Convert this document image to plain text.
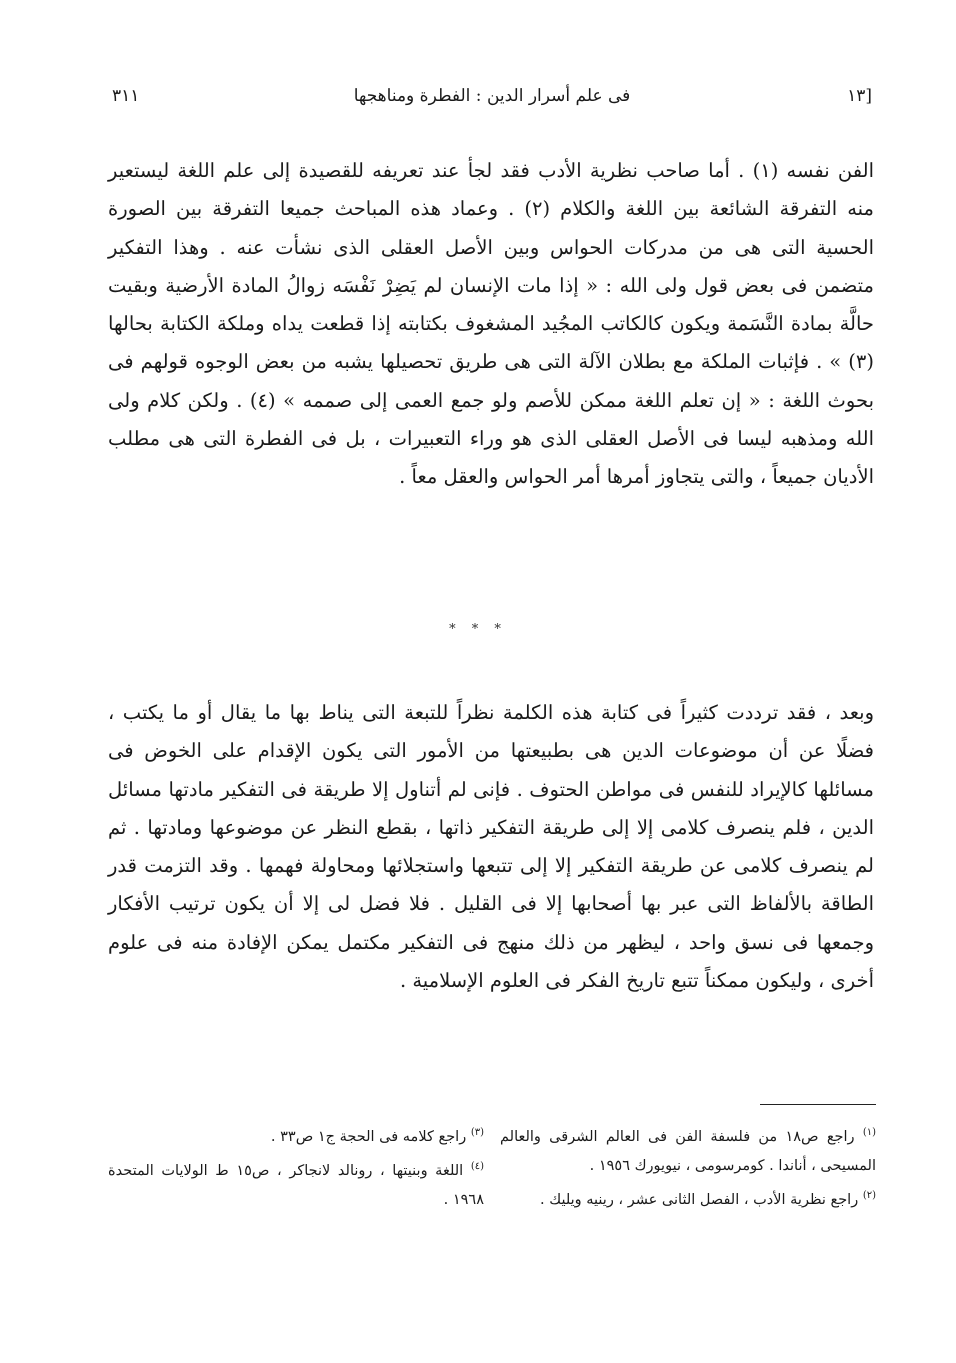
[١٣
فى علم أسرار الدين : الفطرة ومناهجها
٣١١

الفن نفسه (١) . أما صاحب نظرية الأدب فقد لجأ عند تعريفه للقصيدة إلى علم اللغة ليستعير منه التفرقة الشائعة بين اللغة والكلام (٢) . وعماد هذه المباحث جميعا التفرقة بين الصورة الحسية التى هى من مدركات الحواس وبين الأصل العقلى الذى نشأت عنه . وهذا التفكير متضمن فى بعض قول ولى الله : « إذا مات الإنسان لم يَضِرْ نَفْسَه زوالُ المادة الأرضية وبقيت حالَّة بمادة النَّسَمة ويكون كالكاتب المجُيد المشغوف بكتابته إذا قطعت يداه وملكة الكتابة بحالها (٣) » . فإثبات الملكة مع بطلان الآلة التى هى طريق تحصيلها يشبه من بعض الوجوه قولهم فى بحوث اللغة : « إن تعلم اللغة ممكن للأصم ولو جمع العمى إلى صممه » (٤) . ولكن كلام ولى الله ومذهبه ليسا فى الأصل العقلى الذى هو وراء التعبيرات ، بل فى الفطرة التى هى مطلب الأديان جميعاً ، والتى يتجاوز أمرها أمر الحواس والعقل معاً .

* * *

وبعد ، فقد ترددت كثيراً فى كتابة هذه الكلمة نظراً للتبعة التى يناط بها ما يقال أو ما يكتب ، فضلًا عن أن موضوعات الدين هى بطبيعتها من الأمور التى يكون الإقدام على الخوض فى مسائلها كالإيراد للنفس فى مواطن الحتوف . فإنى لم أتناول إلا طريقة فى التفكير مادتها مسائل الدين ، فلم ينصرف كلامى إلا إلى طريقة التفكير ذاتها ، بقطع النظر عن موضوعها ومادتها . ثم لم ينصرف كلامى عن طريقة التفكير إلا إلى تتبعها واستجلائها ومحاولة فهمها . وقد التزمت قدر الطاقة بالألفاظ التى عبر بها أصحابها إلا فى القليل . فلا فضل لى إلا أن يكون ترتيب الأفكار وجمعها فى نسق واحد ، ليظهر من ذلك منهج فى التفكير مكتمل يمكن الإفادة منه فى علوم أخرى ، وليكون ممكناً تتبع تاريخ الفكر فى العلوم الإسلامية .

$^{(١)}$ راجع ص١٨ من فلسفة الفن فى العالم الشرقى والعالم المسيحى ، أناندا . كومرسومى ، نيويورك ١٩٥٦ .

$^{(٢)}$ راجع نظرية الأدب ، الفصل الثانى عشر ، رينيه ويليك .

$^{(٣)}$ راجع كلامه فى الحجة ج١ ص٣٣ .

$^{(٤)}$ اللغة وبنيتها ، رونالد لانجاكر ، ص١٥ ط الولايات المتحدة ١٩٦٨ .
